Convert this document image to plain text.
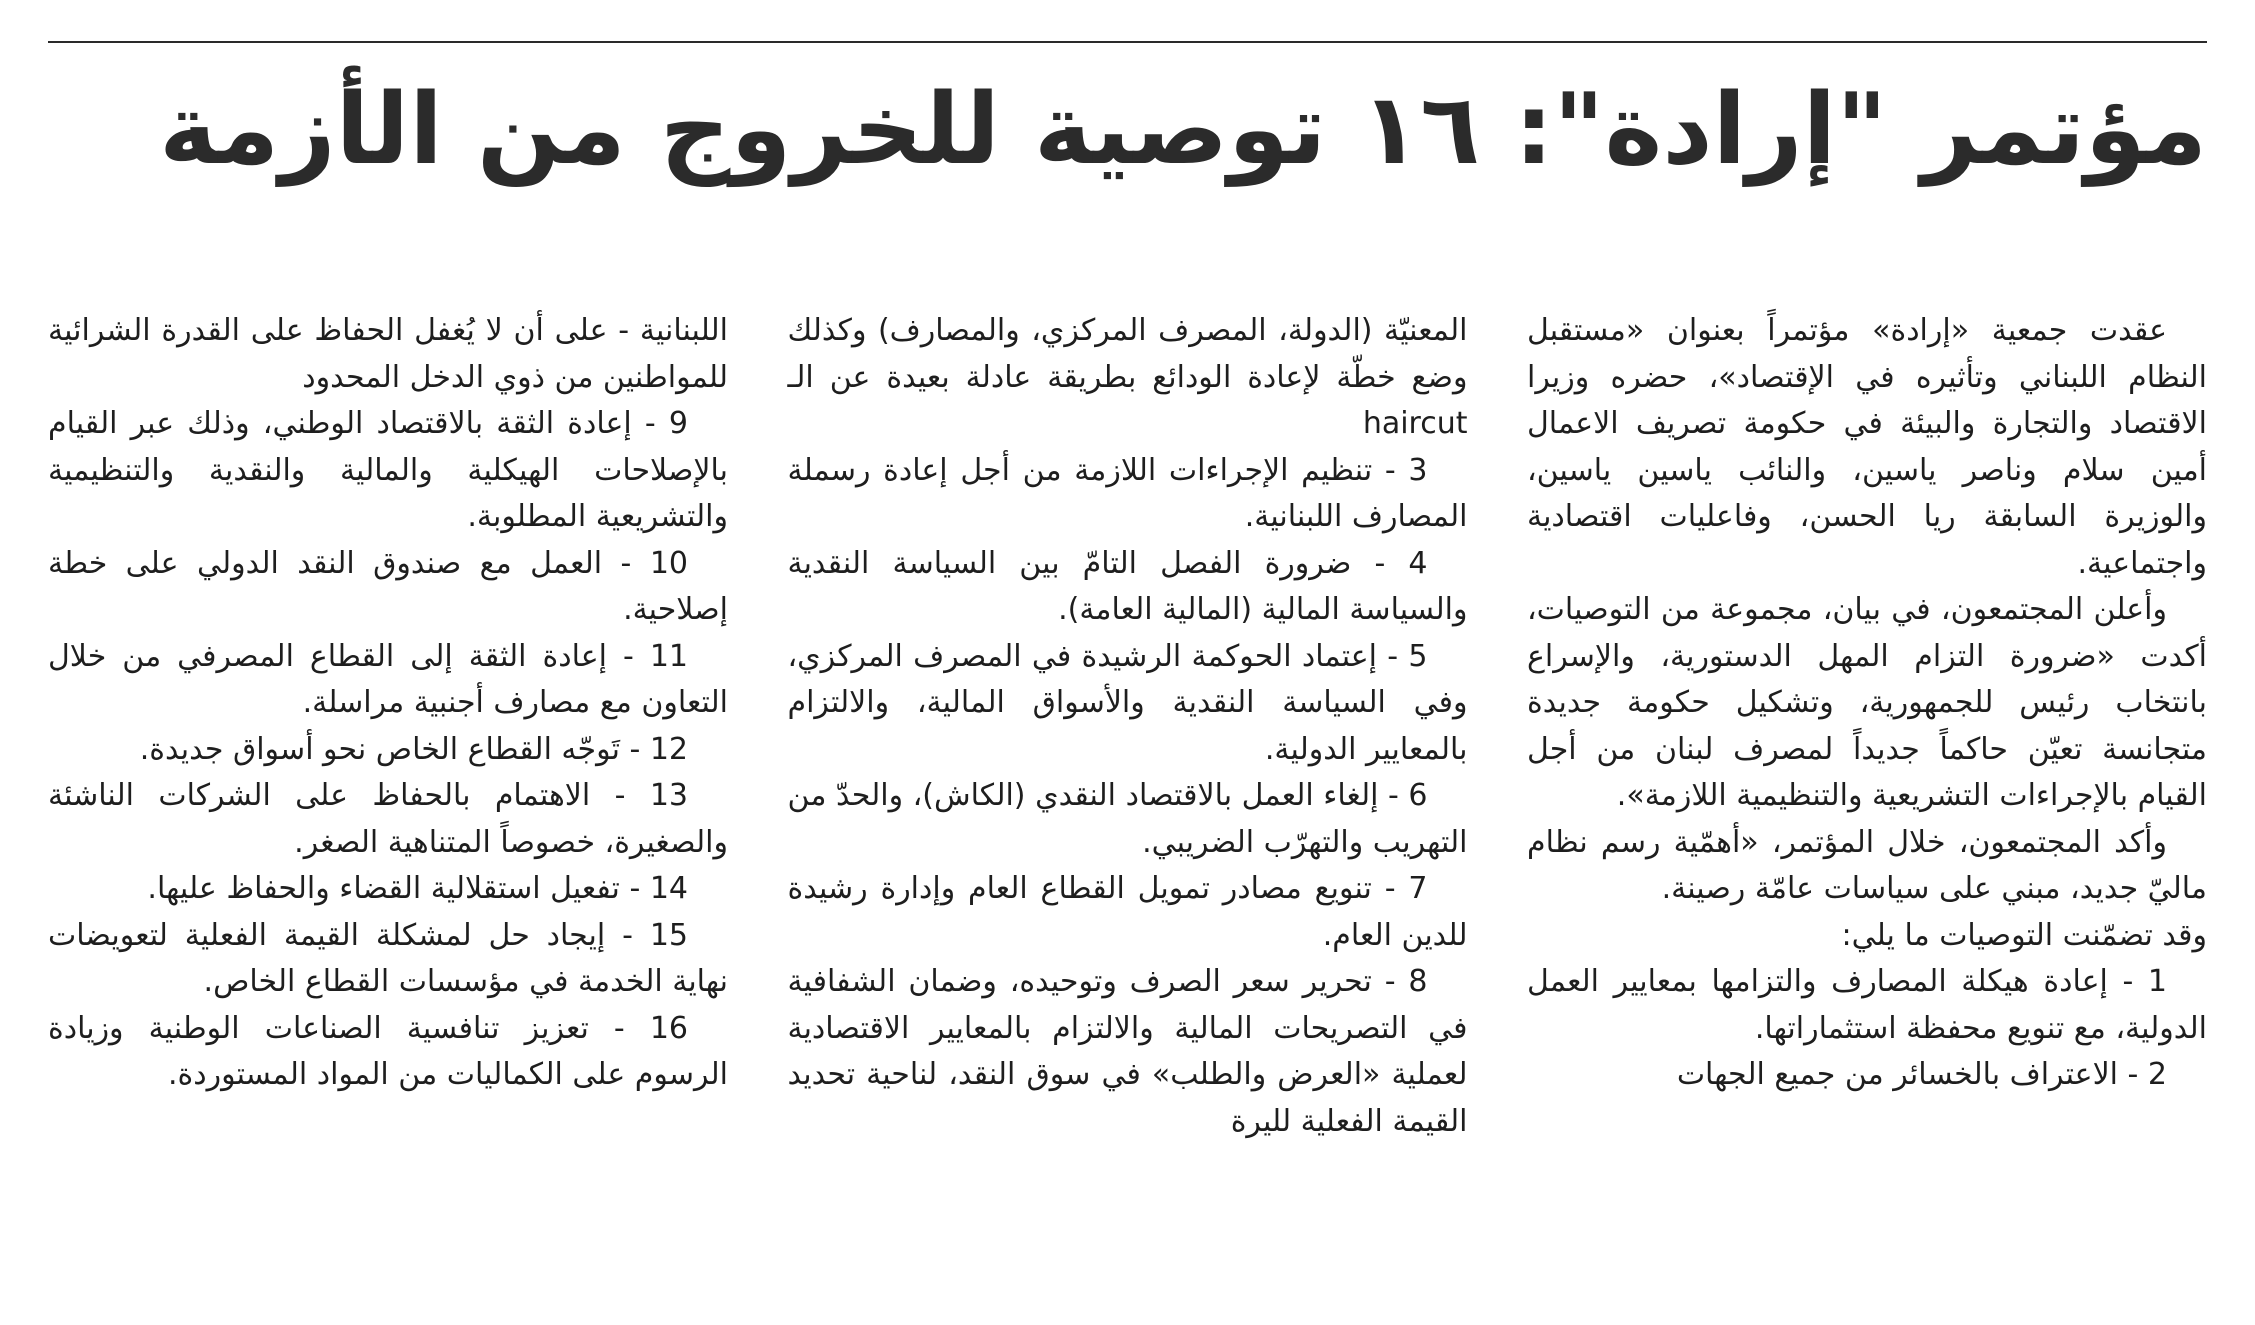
مؤتمر "إرادة": ١٦ توصية للخروج من الأزمة

عقدت جمعية «إرادة» مؤتمراً بعنوان «مستقبل النظام اللبناني وتأثيره في الإقتصاد»، حضره وزيرا الاقتصاد والتجارة والبيئة في حكومة تصريف الاعمال أمين سلام وناصر ياسين، والنائب ياسين ياسين، والوزيرة السابقة ريا الحسن، وفاعليات اقتصادية واجتماعية.

وأعلن المجتمعون، في بيان، مجموعة من التوصيات، أكدت «ضرورة التزام المهل الدستورية، والإسراع بانتخاب رئيس للجمهورية، وتشكيل حكومة جديدة متجانسة تعيّن حاكماً جديداً لمصرف لبنان من أجل القيام بالإجراءات التشريعية والتنظيمية اللازمة».

وأكد المجتمعون، خلال المؤتمر، «أهمّية رسم نظام ماليّ جديد، مبني على سياسات عامّة رصينة.

وقد تضمّنت التوصيات ما يلي:

1 - إعادة هيكلة المصارف والتزامها بمعايير العمل الدولية، مع تنويع محفظة استثماراتها.

2 - الاعتراف بالخسائر من جميع الجهات

المعنيّة (الدولة، المصرف المركزي، والمصارف) وكذلك وضع خطّة لإعادة الودائع بطريقة عادلة بعيدة عن الـ haircut

3 - تنظيم الإجراءات اللازمة من أجل إعادة رسملة المصارف اللبنانية.

4 - ضرورة الفصل التامّ بين السياسة النقدية والسياسة المالية (المالية العامة).

5 - إعتماد الحوكمة الرشيدة في المصرف المركزي، وفي السياسة النقدية والأسواق المالية، والالتزام بالمعايير الدولية.

6 - إلغاء العمل بالاقتصاد النقدي (الكاش)، والحدّ من التهريب والتهرّب الضريبي.

7 - تنويع مصادر تمويل القطاع العام وإدارة رشيدة للدين العام.

8 - تحرير سعر الصرف وتوحيده، وضمان الشفافية في التصريحات المالية والالتزام بالمعايير الاقتصادية لعملية «العرض والطلب» في سوق النقد، لناحية تحديد القيمة الفعلية لليرة

اللبنانية - على أن لا يُغفل الحفاظ على القدرة الشرائية للمواطنين من ذوي الدخل المحدود

9 - إعادة الثقة بالاقتصاد الوطني، وذلك عبر القيام بالإصلاحات الهيكلية والمالية والنقدية والتنظيمية والتشريعية المطلوبة.

10 - العمل مع صندوق النقد الدولي على خطة إصلاحية.

11 - إعادة الثقة إلى القطاع المصرفي من خلال التعاون مع مصارف أجنبية مراسلة.

12 - تَوجّه القطاع الخاص نحو أسواق جديدة.

13 - الاهتمام بالحفاظ على الشركات الناشئة والصغيرة، خصوصاً المتناهية الصغر.

14 - تفعيل استقلالية القضاء والحفاظ عليها.

15 - إيجاد حل لمشكلة القيمة الفعلية لتعويضات نهاية الخدمة في مؤسسات القطاع الخاص.

16 - تعزيز تنافسية الصناعات الوطنية وزيادة الرسوم على الكماليات من المواد المستوردة.
